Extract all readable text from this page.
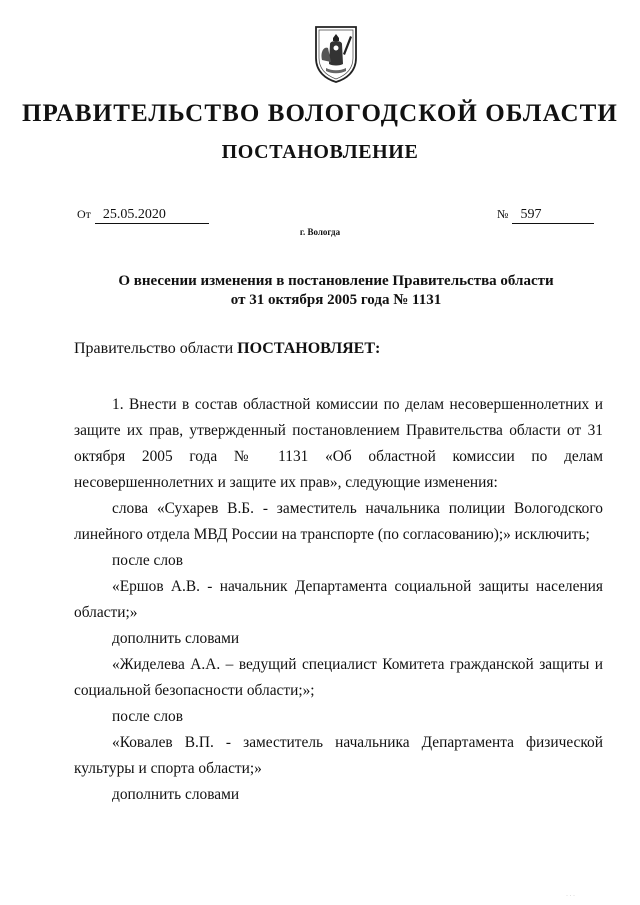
ПРАВИТЕЛЬСТВО ВОЛОГОДСКОЙ ОБЛАСТИ
ПОСТАНОВЛЕНИЕ
От 25.05.2020	№ 597
г. Вологда
О внесении изменения в постановление Правительства области
от 31 октября 2005 года № 1131
Правительство области ПОСТАНОВЛЯЕТ:

1. Внести в состав областной комиссии по делам несовершеннолетних и защите их прав, утвержденный постановлением Правительства области от 31 октября 2005 года № 1131 «Об областной комиссии по делам несовершеннолетних и защите их прав», следующие изменения:

слова «Сухарев В.Б. - заместитель начальника полиции Вологодского линейного отдела МВД России на транспорте (по согласованию);» исключить;

после слов

«Ершов А.В. - начальник Департамента социальной защиты населения области;»

дополнить словами

«Жиделева А.А. – ведущий специалист Комитета гражданской защиты и социальной безопасности области;»;

после слов

«Ковалев В.П. - заместитель начальника Департамента физической культуры и спорта области;»

дополнить словами

˙ ˙ ˙
